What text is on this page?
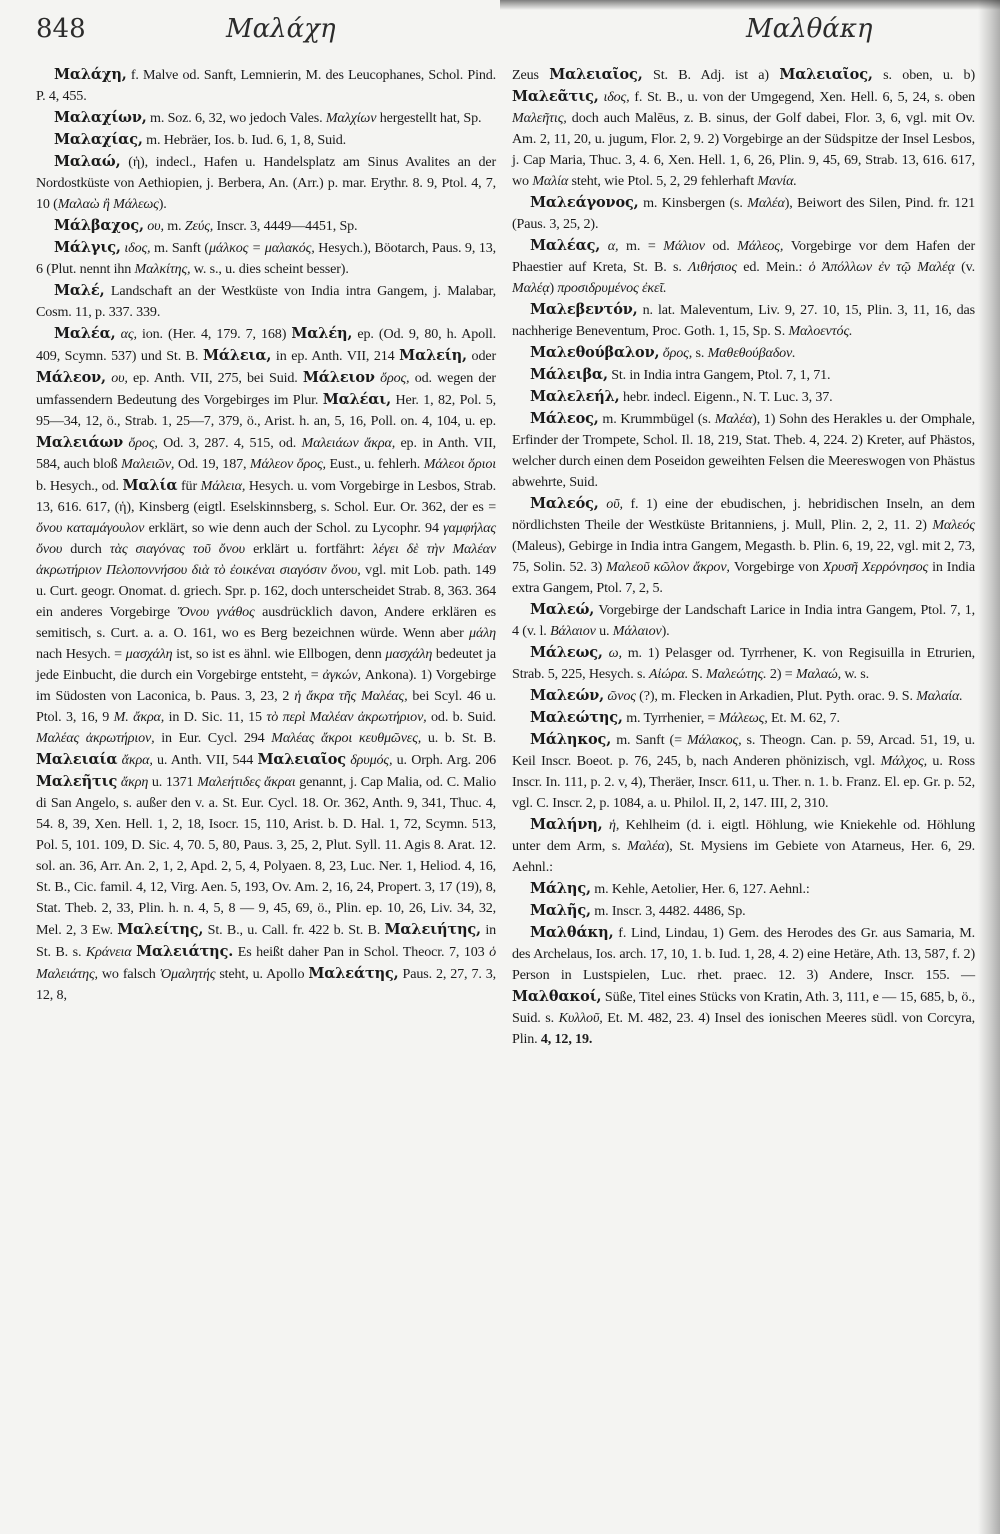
848	Μαλάχη	Μαλθάκη

Μαλάχη, f. Malve od. Sanft, Lemnierin, M. des Leucophanes, Schol. Pind. P. 4, 455.

Μαλαχίων, m. Soz. 6, 32, wo jedoch Vales. Μαλχίων hergestellt hat, Sp.

Μαλαχίας, m. Hebräer, Ios. b. Iud. 6, 1, 8, Suid.

Μαλαώ, (ἡ), indecl., Hafen u. Handelsplatz am Sinus Avalites an der Nordostküste von Aethiopien, j. Berbera, An. (Arr.) p. mar. Erythr. 8. 9, Ptol. 4, 7, 10 (Μαλαὼ ἢ Μάλεως).

Μάλβαχος, ου, m. Ζεύς, Inscr. 3, 4449—4451, Sp.

Μάλγις, ιδος, m. Sanft (μάλκος = μαλακός, Hesych.), Böotarch, Paus. 9, 13, 6 (Plut. nennt ihn Μαλκίτης, w. s., u. dies scheint besser).

Μαλέ, Landschaft an der Westküste von India intra Gangem, j. Malabar, Cosm. 11, p. 337. 339.

Μαλέα, ας, ion. (Her. 4, 179. 7, 168) Μαλέη, ep. (Od. 9, 80, h. Apoll. 409, Scymn. 537) und St. B. Μάλεια, in ep. Anth. VII, 214 Μαλείη, oder Μάλεον, ου, ep. Anth. VII, 275, bei Suid. Μάλειον ὄρος, od. wegen der umfassendern Bedeutung des Vorgebirges im Plur. Μαλέαι, Her. 1, 82, Pol. 5, 95—34, 12, ö., Strab. 1, 25—7, 379, ö., Arist. h. an, 5, 16, Poll. on. 4, 104, u. ep. Μαλειάων ὄρος, Od. 3, 287. 4, 515, od. Μαλειάων ἄκρα, ep. in Anth. VII, 584, auch bloß Μαλειῶν, Od. 19, 187, Μάλεον ὄρος, Eust., u. fehlerh. Μάλεοι ὄριοι b. Hesych., od. Μαλία für Μάλεια, Hesych. u. vom Vorgebirge in Lesbos, Strab. 13, 616. 617, (ἡ), Kinsberg (eigtl. Eselskinnsberg, s. Schol. Eur. Or. 362, der es = ὄνου καταμάγουλον erklärt, so wie denn auch der Schol. zu Lycophr. 94 γαμφήλας ὄνου durch τὰς σιαγόνας τοῦ ὄνου erklärt u. fortfährt: λέγει δὲ τὴν Μαλέαν ἀκρωτήριον Πελοποννήσου διὰ τὸ ἐοικέναι σιαγόσιν ὄνου, vgl. mit Lob. path. 149 u. Curt. geogr. Onomat. d. griech. Spr. p. 162, doch unterscheidet Strab. 8, 363. 364 ein anderes Vorgebirge Ὄνου γνάθος ausdrücklich davon, Andere erklären es semitisch, s. Curt. a. a. O. 161, wo es Berg bezeichnen würde. Wenn aber μάλη nach Hesych. = μασχάλη ist, so ist es ähnl. wie Ellbogen, denn μασχάλη bedeutet ja jede Einbucht, die durch ein Vorgebirge entsteht, = ἀγκών, Ankona). 1) Vorgebirge im Südosten von Laconica, b. Paus. 3, 23, 2 ἡ ἄκρα τῆς Μαλέας, bei Scyl. 46 u. Ptol. 3, 16, 9 M. ἄκρα, in D. Sic. 11, 15 τὸ περὶ Μαλέαν ἀκρωτήριον, od. b. Suid. Μαλέας ἀκρωτήριον, in Eur. Cycl. 294 Μαλέας ἄκροι κευθμῶνες, u. b. St. B. Μαλειαία ἄκρα, u. Anth. VII, 544 Μαλειαῖος δρυμός, u. Orph. Arg. 206 Μαλεῆτις ἄκρη u. 1371 Μαλεήτιδες ἄκραι genannt, j. Cap Malia, od. C. Malio di San Angelo, s. außer den v. a. St. Eur. Cycl. 18. Or. 362, Anth. 9, 341, Thuc. 4, 54. 8, 39, Xen. Hell. 1, 2, 18, Isocr. 15, 110, Arist. b. D. Hal. 1, 72, Scymn. 513, Pol. 5, 101. 109, D. Sic. 4, 70. 5, 80, Paus. 3, 25, 2, Plut. Syll. 11. Agis 8. Arat. 12. sol. an. 36, Arr. An. 2, 1, 2, Apd. 2, 5, 4, Polyaen. 8, 23, Luc. Ner. 1, Heliod. 4, 16, St. B., Cic. famil. 4, 12, Virg. Aen. 5, 193, Ov. Am. 2, 16, 24, Propert. 3, 17 (19), 8, Stat. Theb. 2, 33, Plin. h. n. 4, 5, 8 — 9, 45, 69, ö., Plin. ep. 10, 26, Liv. 34, 32, Mel. 2, 3 Ew. Μαλείτης, St. B., u. Call. fr. 422 b. St. B. Μαλειήτης, in St. B. s. Κράνεια Μαλειάτης. Es heißt daher Pan in Schol. Theocr. 7, 103 ὁ Μαλειάτης, wo falsch Ὁμαλητής steht, u. Apollo Μαλεάτης, Paus. 2, 27, 7. 3, 12, 8,

Zeus Μαλειαῖος, St. B. Adj. ist a) Μαλειαῖος, s. oben, u. b) Μαλεᾶτις, ιδος, f. St. B., u. von der Umgegend, Xen. Hell. 6, 5, 24, s. oben Μαλεῆτις, doch auch Malēus, z. B. sinus, der Golf dabei, Flor. 3, 6, vgl. mit Ov. Am. 2, 11, 20, u. jugum, Flor. 2, 9. 2) Vorgebirge an der Südspitze der Insel Lesbos, j. Cap Maria, Thuc. 3, 4. 6, Xen. Hell. 1, 6, 26, Plin. 9, 45, 69, Strab. 13, 616. 617, wo Μαλία steht, wie Ptol. 5, 2, 29 fehlerhaft Μανία.

Μαλεάγονος, m. Kinsbergen (s. Μαλέα), Beiwort des Silen, Pind. fr. 121 (Paus. 3, 25, 2).

Μαλέας, α, m. = Μάλιον od. Μάλεος, Vorgebirge vor dem Hafen der Phaestier auf Kreta, St. B. s. Λιθήσιος ed. Mein.: ὁ Ἀπόλλων ἐν τῷ Μαλέᾳ (v. Μαλέᾳ) προσιδρυμένος ἐκεῖ.

Μαλεβεντόν, n. lat. Maleventum, Liv. 9, 27. 10, 15, Plin. 3, 11, 16, das nachherige Beneventum, Proc. Goth. 1, 15, Sp. S. Μαλοεντός.

Μαλεθούβαλον, ὄρος, s. Μαθεθούβαδον.

Μάλειβα, St. in India intra Gangem, Ptol. 7, 1, 71.

Μαλελεήλ, hebr. indecl. Eigenn., N. T. Luc. 3, 37.

Μάλεος, m. Krummbügel (s. Μαλέα), 1) Sohn des Herakles u. der Omphale, Erfinder der Trompete, Schol. Il. 18, 219, Stat. Theb. 4, 224. 2) Kreter, auf Phästos, welcher durch einen dem Poseidon geweihten Felsen die Meereswogen von Phästus abwehrte, Suid.

Μαλεός, οῦ, f. 1) eine der ebudischen, j. hebridischen Inseln, an dem nördlichsten Theile der Westküste Britanniens, j. Mull, Plin. 2, 2, 11. 2) Μαλεός (Maleus), Gebirge in India intra Gangem, Megasth. b. Plin. 6, 19, 22, vgl. mit 2, 73, 75, Solin. 52. 3) Μαλεοῦ κῶλον ἄκρον, Vorgebirge von Χρυσῆ Χερρόνησος in India extra Gangem, Ptol. 7, 2, 5.

Μαλεώ, Vorgebirge der Landschaft Larice in India intra Gangem, Ptol. 7, 1, 4 (v. l. Βάλαιον u. Μάλαιον).

Μάλεως, ω, m. 1) Pelasger od. Tyrrhener, K. von Regisuilla in Etrurien, Strab. 5, 225, Hesych. s. Αἰώρα. S. Μαλεώτης. 2) = Μαλαώ, w. s.

Μαλεών, ῶνος (?), m. Flecken in Arkadien, Plut. Pyth. orac. 9. S. Μαλαία.

Μαλεώτης, m. Tyrrhenier, = Μάλεως, Et. M. 62, 7.

Μάληκος, m. Sanft (= Μάλακος, s. Theogn. Can. p. 59, Arcad. 51, 19, u. Keil Inscr. Boeot. p. 76, 245, b, nach Anderen phönizisch, vgl. Μάλχος, u. Ross Inscr. In. 111, p. 2. v, 4), Theräer, Inscr. 611, u. Ther. n. 1. b. Franz. El. ep. Gr. p. 52, vgl. C. Inscr. 2, p. 1084, a. u. Philol. II, 2, 147. III, 2, 310.

Μαλήνη, ἡ, Kehlheim (d. i. eigtl. Höhlung, wie Kniekehle od. Höhlung unter dem Arm, s. Μαλέα), St. Mysiens im Gebiete von Atarneus, Her. 6, 29. Aehnl.:

Μάλης, m. Kehle, Aetolier, Her. 6, 127. Aehnl.:

Μαλῆς, m. Inscr. 3, 4482. 4486, Sp.

Μαλθάκη, f. Lind, Lindau, 1) Gem. des Herodes des Gr. aus Samaria, M. des Archelaus, Ios. arch. 17, 10, 1. b. Iud. 1, 28, 4. 2) eine Hetäre, Ath. 13, 587, f. 2) Person in Lustspielen, Luc. rhet. praec. 12. 3) Andere, Inscr. 155. — Μαλθακοί, Süße, Titel eines Stücks von Kratin, Ath. 3, 111, e — 15, 685, b, ö., Suid. s. Κυλλοῦ, Et. M. 482, 23. 4) Insel des ionischen Meeres südl. von Corcyra, Plin. 4, 12, 19.
